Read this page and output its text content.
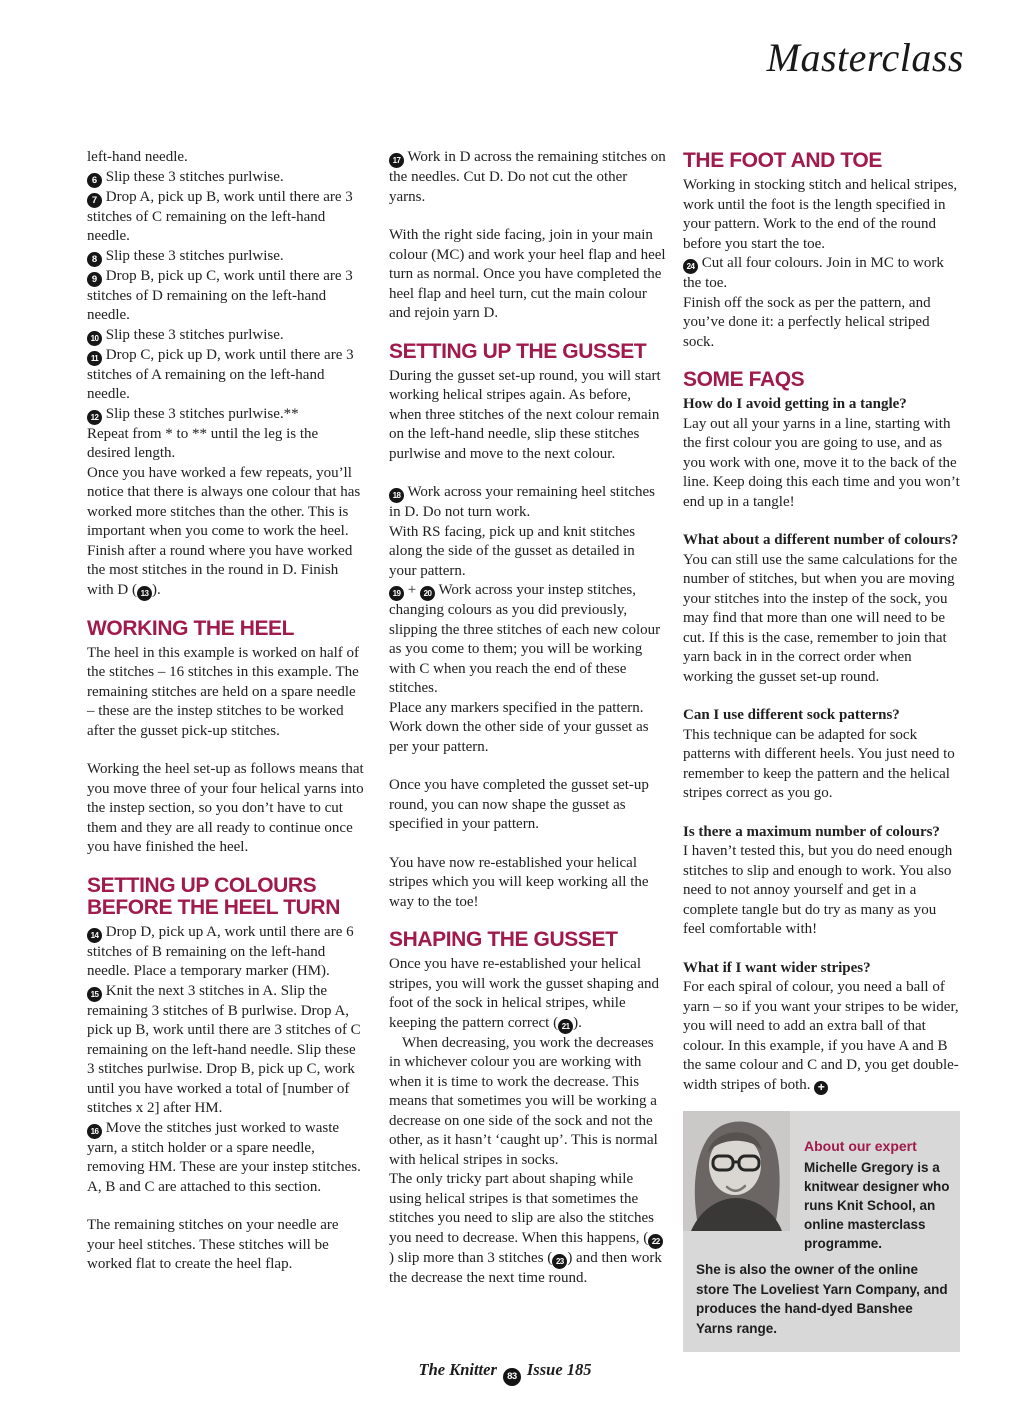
Masterclass

left-hand needle.

6 Slip these 3 stitches purlwise.

7 Drop A, pick up B, work until there are 3 stitches of C remaining on the left-hand needle.

8 Slip these 3 stitches purlwise.

9 Drop B, pick up C, work until there are 3 stitches of D remaining on the left-hand needle.

10 Slip these 3 stitches purlwise.

11 Drop C, pick up D, work until there are 3 stitches of A remaining on the left-hand needle.

12 Slip these 3 stitches purlwise.**

Repeat from * to ** until the leg is the desired length.

Once you have worked a few repeats, you’ll notice that there is always one colour that has worked more stitches than the other. This is important when you come to work the heel.

Finish after a round where you have worked the most stitches in the round in D. Finish with D ( 13 ).

WORKING THE HEEL

The heel in this example is worked on half of the stitches – 16 stitches in this example. The remaining stitches are held on a spare needle – these are the instep stitches to be worked after the gusset pick-up stitches.

Working the heel set-up as follows means that you move three of your four helical yarns into the instep section, so you don’t have to cut them and they are all ready to continue once you have finished the heel.

SETTING UP COLOURS BEFORE THE HEEL TURN

14 Drop D, pick up A, work until there are 6 stitches of B remaining on the left-hand needle. Place a temporary marker (HM).

15 Knit the next 3 stitches in A. Slip the remaining 3 stitches of B purlwise. Drop A, pick up B, work until there are 3 stitches of C remaining on the left-hand needle. Slip these 3 stitches purlwise. Drop B, pick up C, work until you have worked a total of [number of stitches x 2] after HM.

16 Move the stitches just worked to waste yarn, a stitch holder or a spare needle, removing HM. These are your instep stitches. A, B and C are attached to this section.

The remaining stitches on your needle are your heel stitches. These stitches will be worked flat to create the heel flap.

17 Work in D across the remaining stitches on the needles. Cut D. Do not cut the other yarns.

With the right side facing, join in your main colour (MC) and work your heel flap and heel turn as normal. Once you have completed the heel flap and heel turn, cut the main colour and rejoin yarn D.

SETTING UP THE GUSSET

During the gusset set-up round, you will start working helical stripes again. As before, when three stitches of the next colour remain on the left-hand needle, slip these stitches purlwise and move to the next colour.

18 Work across your remaining heel stitches in D. Do not turn work.

With RS facing, pick up and knit stitches along the side of the gusset as detailed in your pattern.

19 + 20 Work across your instep stitches, changing colours as you did previously, slipping the three stitches of each new colour as you come to them; you will be working with C when you reach the end of these stitches.

Place any markers specified in the pattern. Work down the other side of your gusset as per your pattern.

Once you have completed the gusset set-up round, you can now shape the gusset as specified in your pattern.

You have now re-established your helical stripes which you will keep working all the way to the toe!

SHAPING THE GUSSET

Once you have re-established your helical stripes, you will work the gusset shaping and foot of the sock in helical stripes, while keeping the pattern correct ( 21 ).

When decreasing, you work the decreases in whichever colour you are working with when it is time to work the decrease. This means that sometimes you will be working a decrease on one side of the sock and not the other, as it hasn’t ‘caught up’. This is normal with helical stripes in socks.

The only tricky part about shaping while using helical stripes is that sometimes the stitches you need to slip are also the stitches you need to decrease. When this happens, ( 22) slip more than 3 stitches ( 23 ) and then work the decrease the next time round.

THE FOOT AND TOE

Working in stocking stitch and helical stripes, work until the foot is the length specified in your pattern. Work to the end of the round before you start the toe.

24 Cut all four colours. Join in MC to work the toe.

Finish off the sock as per the pattern, and you’ve done it: a perfectly helical striped sock.

SOME FAQS

How do I avoid getting in a tangle?

Lay out all your yarns in a line, starting with the first colour you are going to use, and as you work with one, move it to the back of the line. Keep doing this each time and you won’t end up in a tangle!

What about a different number of colours?

You can still use the same calculations for the number of stitches, but when you are moving your stitches into the instep of the sock, you may find that more than one will need to be cut. If this is the case, remember to join that yarn back in in the correct order when working the gusset set-up round.

Can I use different sock patterns?

This technique can be adapted for sock patterns with different heels. You just need to remember to keep the pattern and the helical stripes correct as you go.

Is there a maximum number of colours?

I haven’t tested this, but you do need enough stitches to slip and enough to work. You also need to not annoy yourself and get in a complete tangle but do try as many as you feel comfortable with!

What if I want wider stripes?

For each spiral of colour, you need a ball of yarn – so if you want your stripes to be wider, you will need to add an extra ball of that colour. In this example, if you have A and B the same colour and C and D, you get double-width stripes of both. +

About our expert
Michelle Gregory is a knitwear designer who runs Knit School, an online masterclass programme.
She is also the owner of the online store The Loveliest Yarn Company, and produces the hand-dyed Banshee Yarns range.
The Knitter 83 Issue 185
